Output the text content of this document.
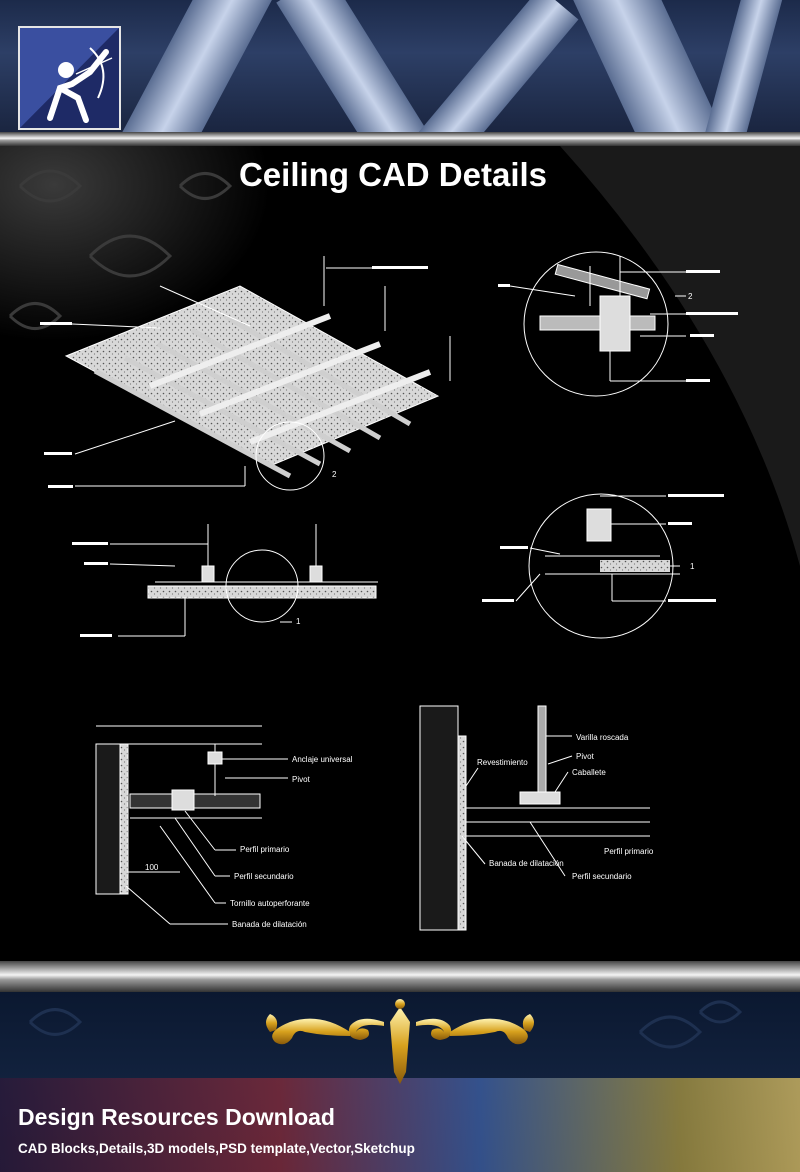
Ceiling CAD Details
2
2
1
1
Anclaje universal
Pivot
Perfil primario
Perfil secundario
Tornillo autoperforante
Banada de dilatación
100
Varilla roscada
Pivot
Caballete
Revestimiento
Perfil primario
Banada de dilatación
Perfil secundario
Design Resources Download
CAD Blocks,Details,3D models,PSD template,Vector,Sketchup
